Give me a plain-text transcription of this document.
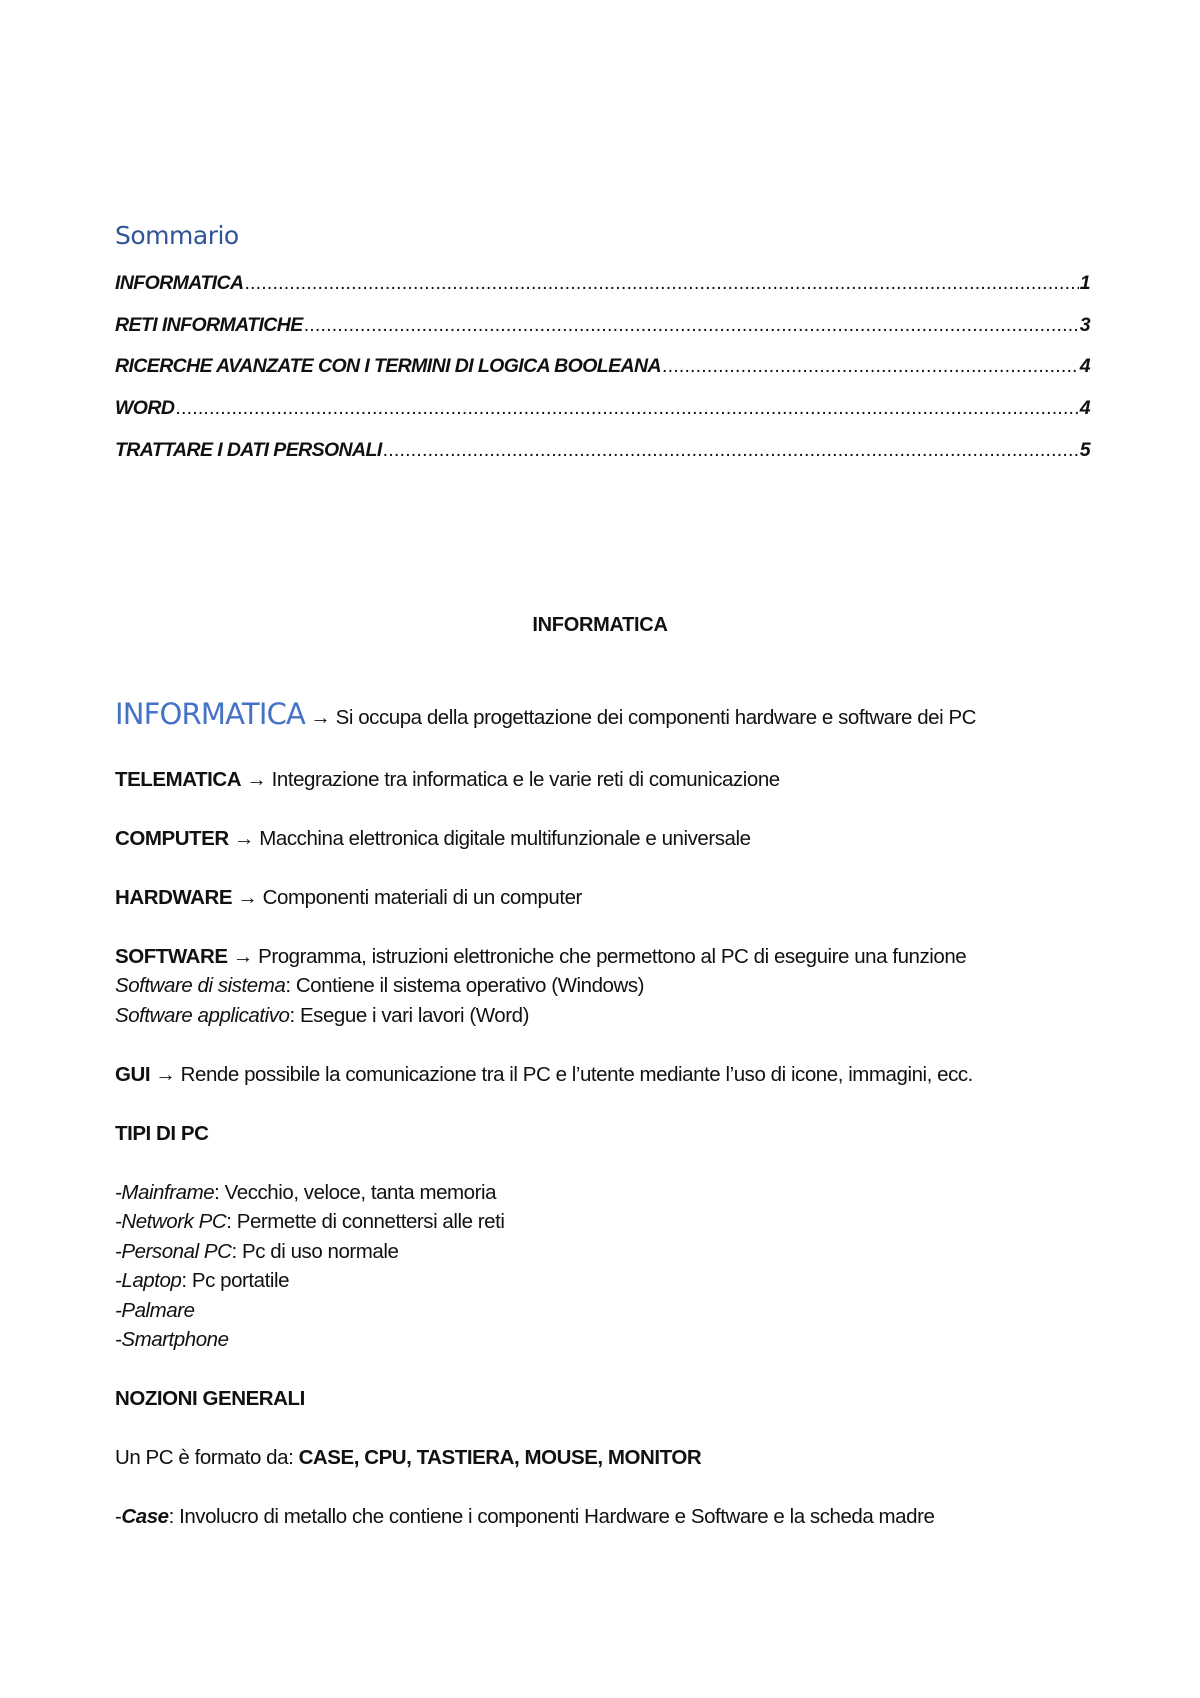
Sommario
INFORMATICA .....	1
RETI INFORMATICHE .....	3
RICERCHE AVANZATE CON I TERMINI DI LOGICA BOOLEANA .....	4
WORD .....	4
TRATTARE I DATI PERSONALI .....	5
INFORMATICA
INFORMATICA → Si occupa della progettazione dei componenti hardware e software dei PC
TELEMATICA → Integrazione tra informatica e le varie reti di comunicazione
COMPUTER → Macchina elettronica digitale multifunzionale e universale
HARDWARE → Componenti materiali di un computer
SOFTWARE → Programma, istruzioni elettroniche che permettono al PC di eseguire una funzione
Software di sistema: Contiene il sistema operativo (Windows)
Software applicativo: Esegue i vari lavori (Word)
GUI → Rende possibile la comunicazione tra il PC e l’utente mediante l’uso di icone, immagini, ecc.
TIPI DI PC
-Mainframe: Vecchio, veloce, tanta memoria
-Network PC: Permette di connettersi alle reti
-Personal PC: Pc di uso normale
-Laptop: Pc portatile
-Palmare
-Smartphone
NOZIONI GENERALI
Un PC è formato da: CASE, CPU, TASTIERA, MOUSE, MONITOR
-Case: Involucro di metallo che contiene i componenti Hardware e Software e la scheda madre
